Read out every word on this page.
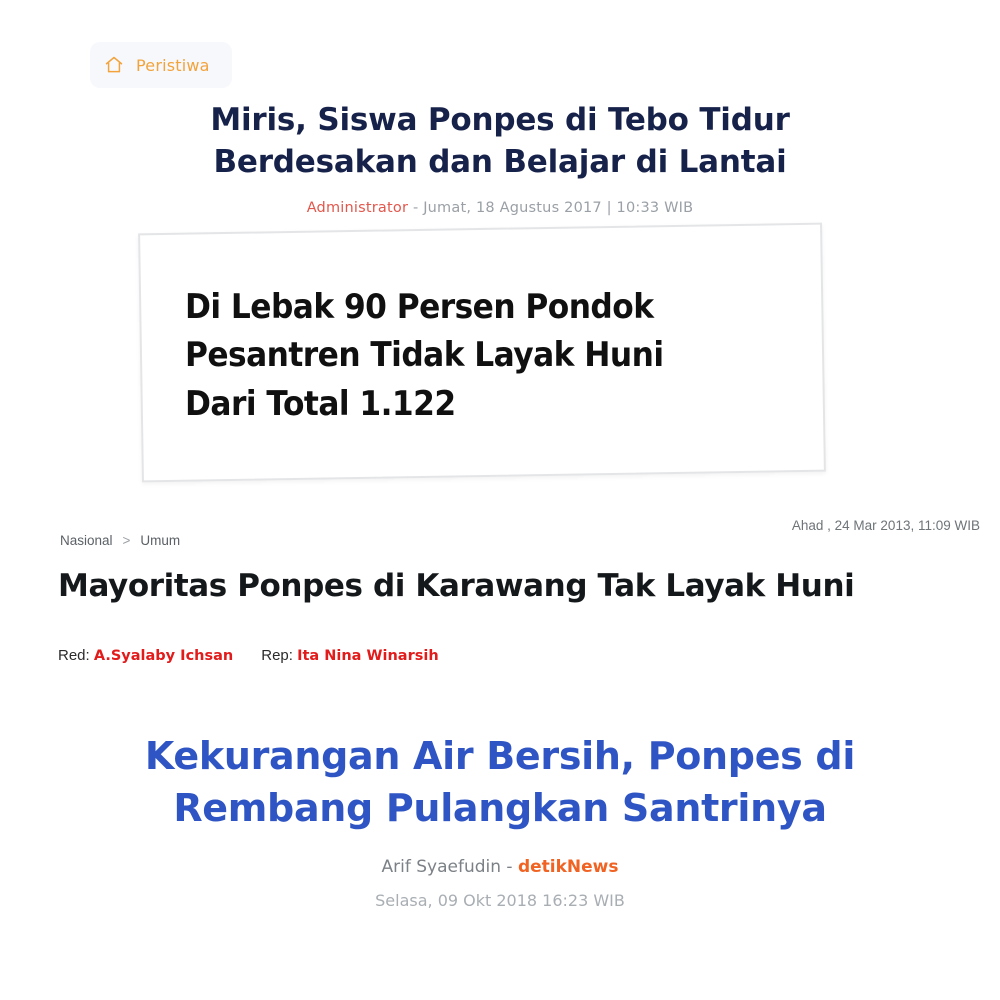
Peristiwa
Miris, Siswa Ponpes di Tebo Tidur
Berdesakan dan Belajar di Lantai
Administrator - Jumat, 18 Agustus 2017 | 10:33 WIB
Di Lebak 90 Persen Pondok Pesantren Tidak Layak Huni Dari Total 1.122
Ahad , 24 Mar 2013, 11:09 WIB
Nasional > Umum
Mayoritas Ponpes di Karawang Tak Layak Huni
Red: A.Syalaby Ichsan Rep: Ita Nina Winarsih
Kekurangan Air Bersih, Ponpes di
Rembang Pulangkan Santrinya
Arif Syaefudin - detikNews
Selasa, 09 Okt 2018 16:23 WIB
